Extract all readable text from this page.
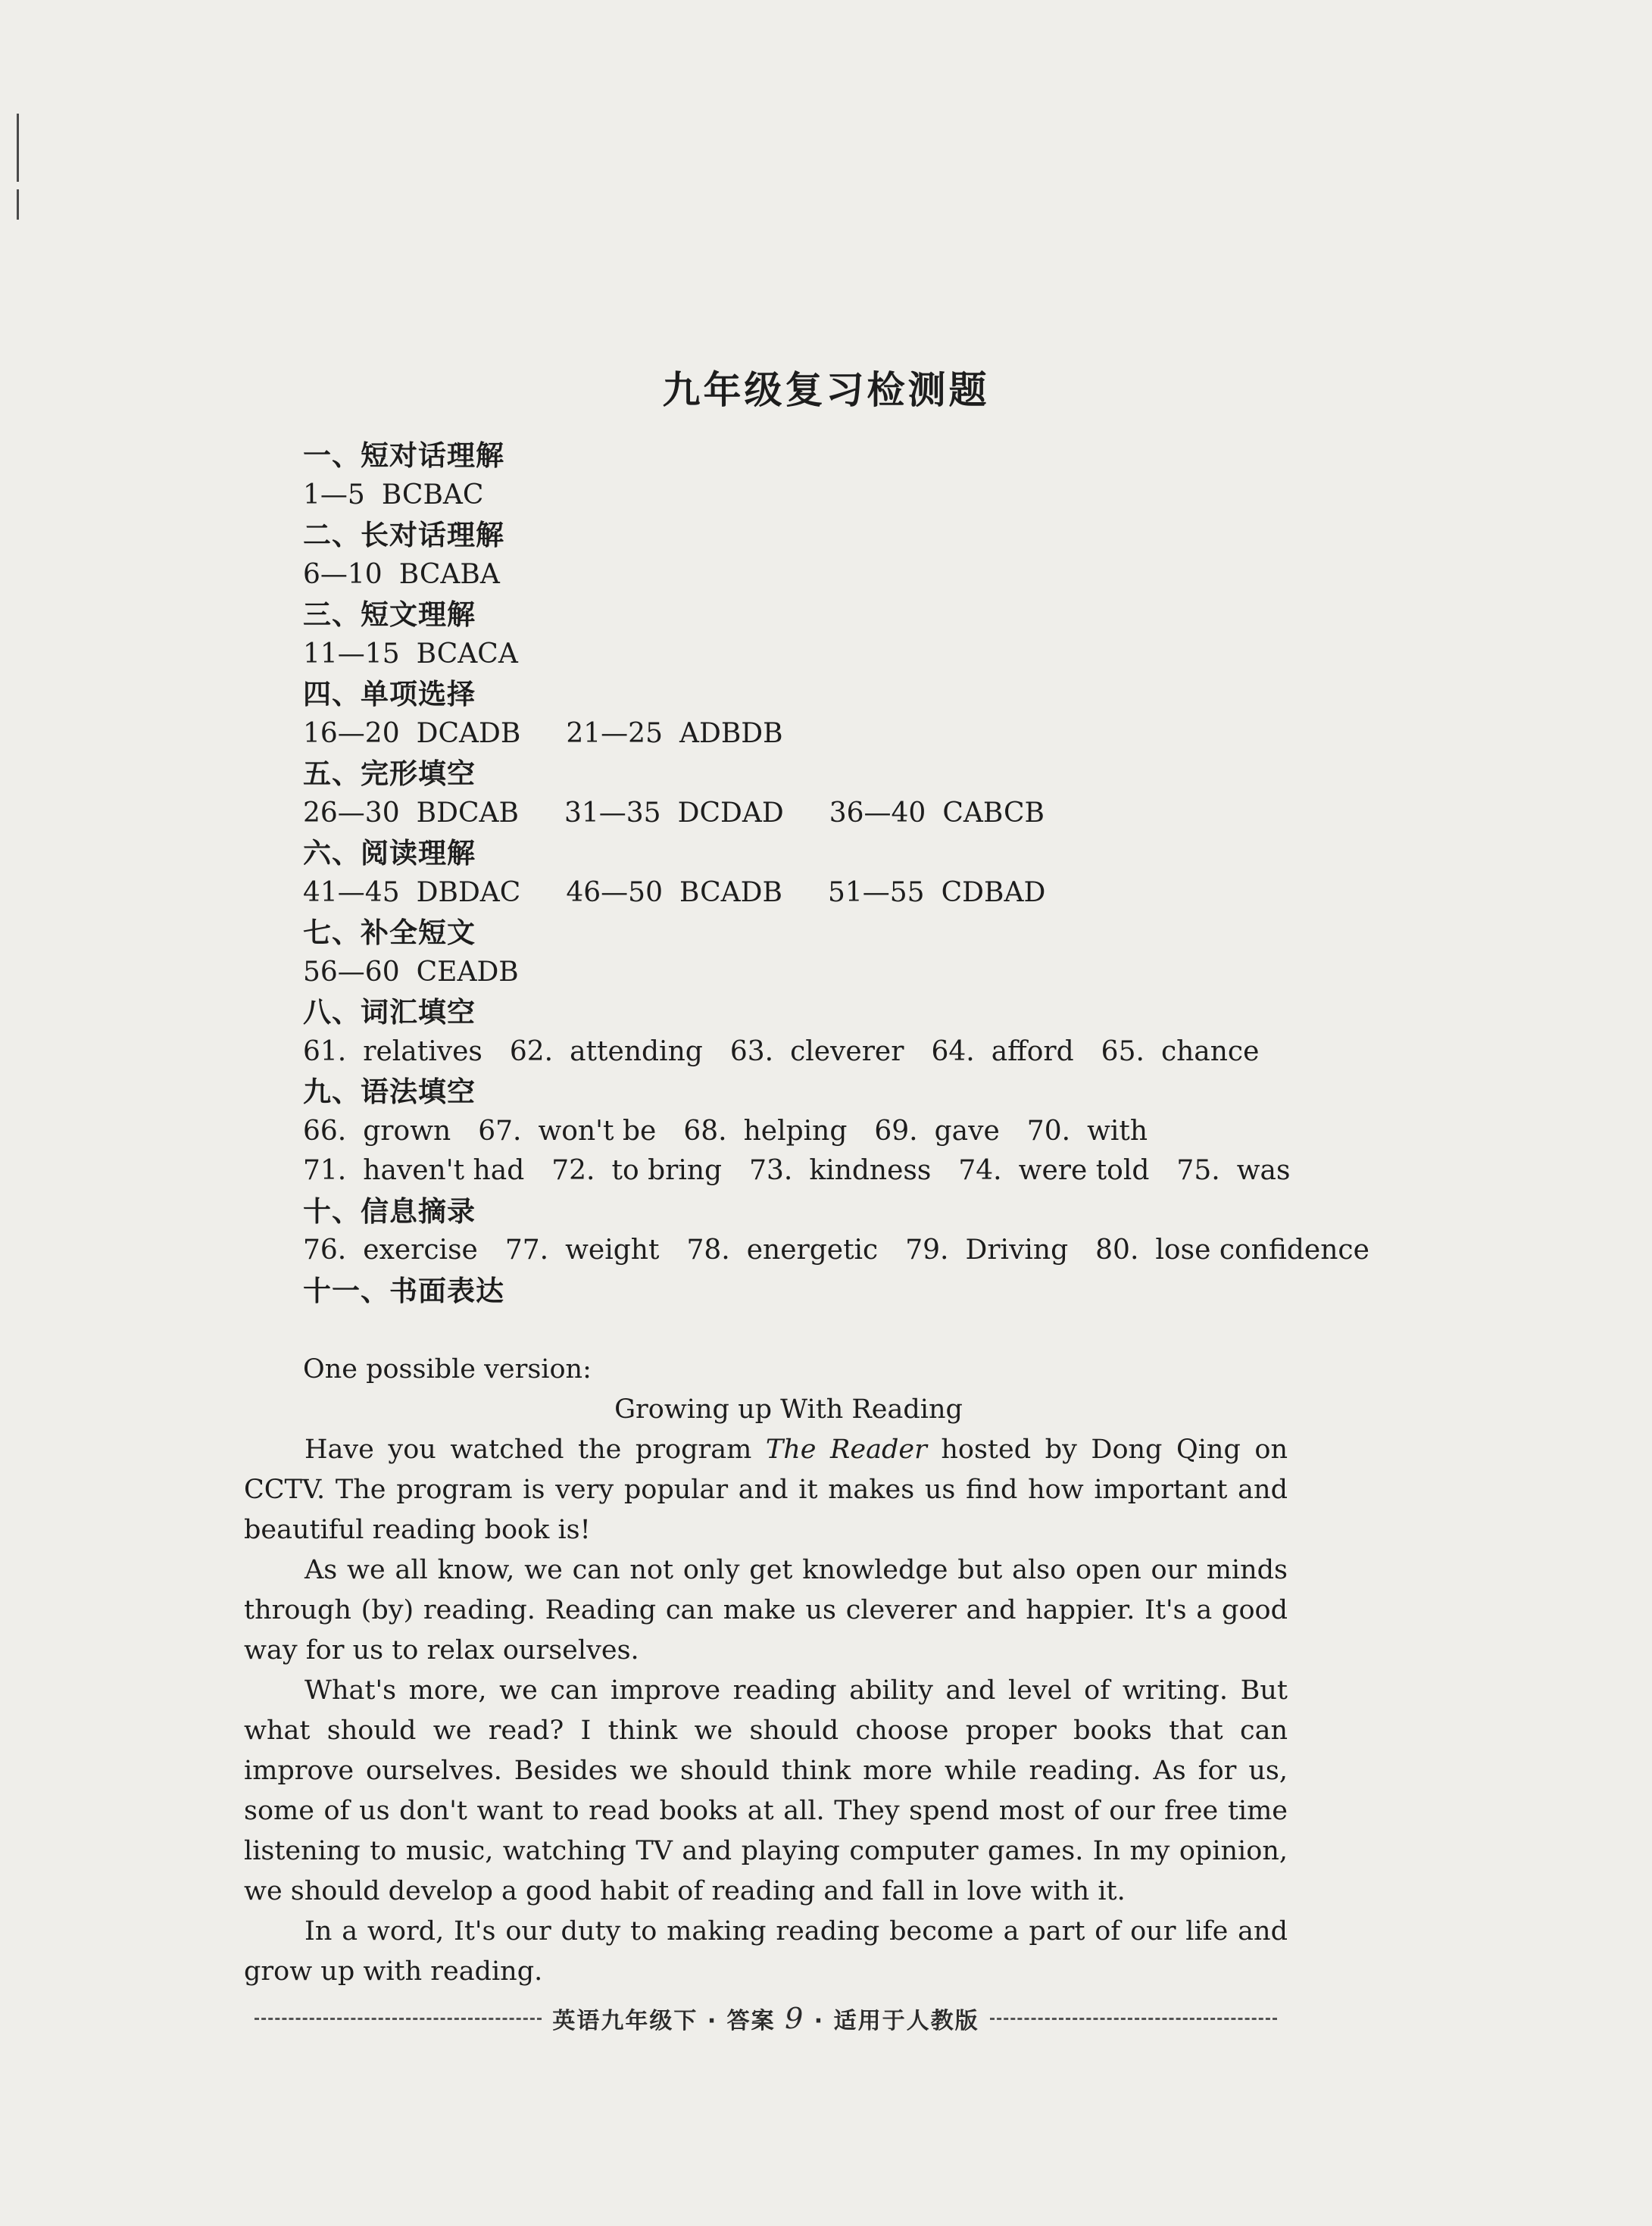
九年级复习检测题
一、短对话理解
1—5 BCBAC
二、长对话理解
6—10 BCABA
三、短文理解
11—15 BCACA
四、单项选择
16—20 DCADB 21—25 ADBDB
五、完形填空
26—30 BDCAB 31—35 DCDAD 36—40 CABCB
六、阅读理解
41—45 DBDAC 46—50 BCADB 51—55 CDBAD
七、补全短文
56—60 CEADB
八、词汇填空
61. relatives 62. attending 63. cleverer 64. afford 65. chance
九、语法填空
66. grown 67. won't be 68. helping 69. gave 70. with
71. haven't had 72. to bring 73. kindness 74. were told 75. was
十、信息摘录
76. exercise 77. weight 78. energetic 79. Driving 80. lose confidence
十一、书面表达
One possible version:
Growing up With Reading
Have you watched the program The Reader hosted by Dong Qing on CCTV. The program is very popular and it makes us find how important and beautiful reading book is!
As we all know, we can not only get knowledge but also open our minds through (by) reading. Reading can make us cleverer and happier. It's a good way for us to relax ourselves.
What's more, we can improve reading ability and level of writing. But what should we read? I think we should choose proper books that can improve ourselves. Besides we should think more while reading. As for us, some of us don't want to read books at all. They spend most of our free time listening to music, watching TV and playing computer games. In my opinion, we should develop a good habit of reading and fall in love with it.
In a word, It's our duty to making reading become a part of our life and grow up with reading.
英语九年级下 · 答案 9 · 适用于人教版
